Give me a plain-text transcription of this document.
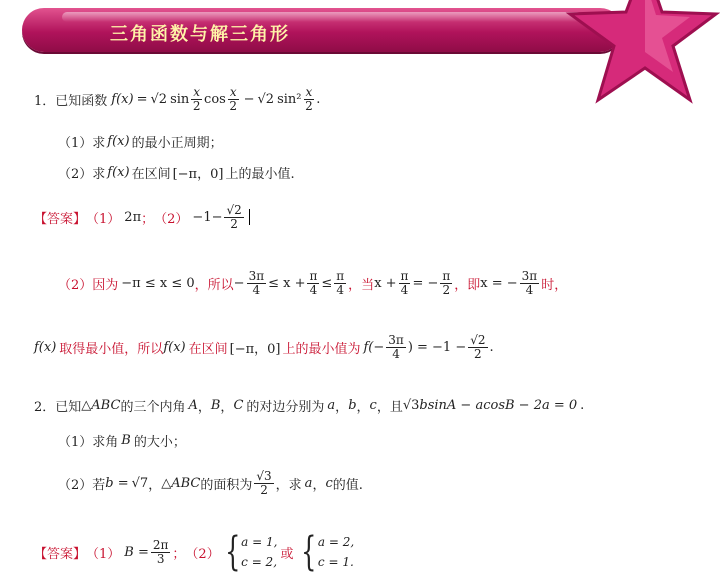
三角函数与解三角形
1． 已知函数 f(x) = √2 $\sin \frac{x}{2}$ $\cos \frac{x}{2} - √2$ $\sin^2 \frac{x}{2}$ .
（1）求 f(x) 的最小正周期；
（2）求 f(x) 在区间 [−π，0] 上的最小值.
【答案】 （1） 2π ； $(2) -1- \frac{√2}{2}$
（2）因为 −π ≤ x ≤ 0 ，所以 − $\frac{3\pi}{4} \le x + \frac{\pi}{4} \le \frac{\pi}{4}$ ，当 $x + \frac{\pi}{4}$ = − $\frac{\pi}{2}$ ，即 x = − $\frac{3\pi}{4}$ 时，
f(x) 取得最小值，所以 f(x) 在区间 [−π，0] 上的最小值为 $f(- \frac{3\pi}{4}$ ) = $-1 - \frac{√2}{2}$ .
2． 已知 △ABC 的三个内角 A ， B ， C 的对边分别为 a ， b ， c ，且 √3 bsinA − acosB − 2a = 0 .
（1）求角 B 的大小；
（2）若 b = √7 ， △ABC 的面积为 $\frac{√3}{2}$ ，求 a ， c 的值.
【答案】 （1） $B = \frac{2\pi}{3}$ ； （2） { a = 1,
c = 2,
或 { a = 2,
c = 1.
